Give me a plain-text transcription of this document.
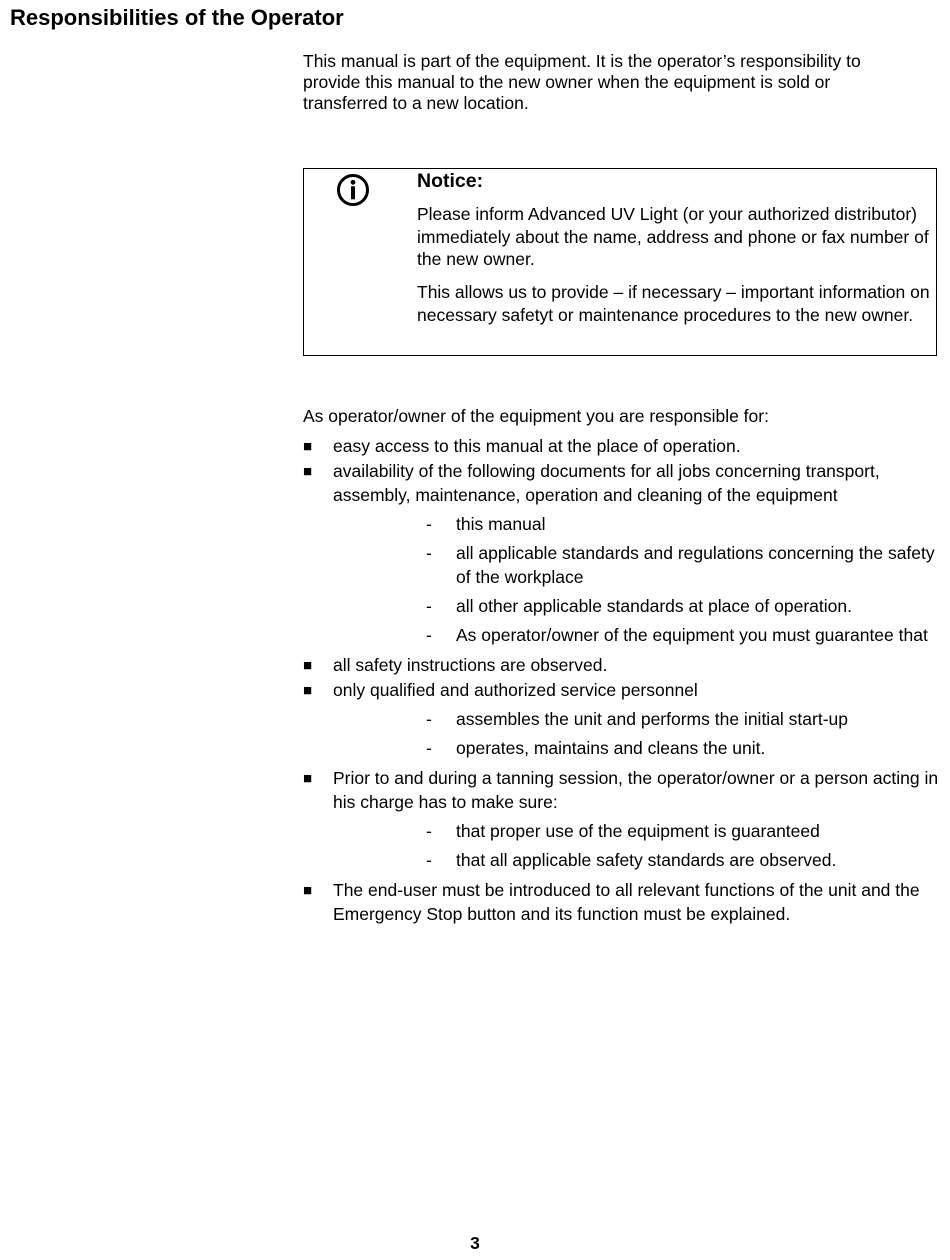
Responsibilities of the Operator

This manual is part of the equipment. It is the operator’s responsibility to provide this manual to the new owner when the equipment is sold or transferred to a new location.

Notice:
Please inform Advanced UV Light (or your authorized distributor) immediately about the name, address and phone or fax number of the new owner.
This allows us to provide – if necessary – important information on necessary safetyt or maintenance procedures to the new owner.

As operator/owner of the equipment you are responsible for:

■	easy access to this manual at the place of operation.
■	availability of the following documents for all jobs concerning transport, assembly, maintenance, operation and cleaning of the equipment
- this manual
- all applicable standards and regulations concerning the safety of the workplace
- all other applicable standards at place of operation.
- As operator/owner of the equipment you must guarantee that
■	all safety instructions are observed.
■	only qualified and authorized service personnel
- assembles the unit and performs the initial start-up
- operates, maintains and cleans the unit.
■	Prior to and during a tanning session, the operator/owner or a person acting in his charge has to make sure:
- that proper use of the equipment is guaranteed
- that all applicable safety standards are observed.
■	The end-user must be introduced to all relevant functions of the unit and the Emergency Stop button and its function must be explained.
3
